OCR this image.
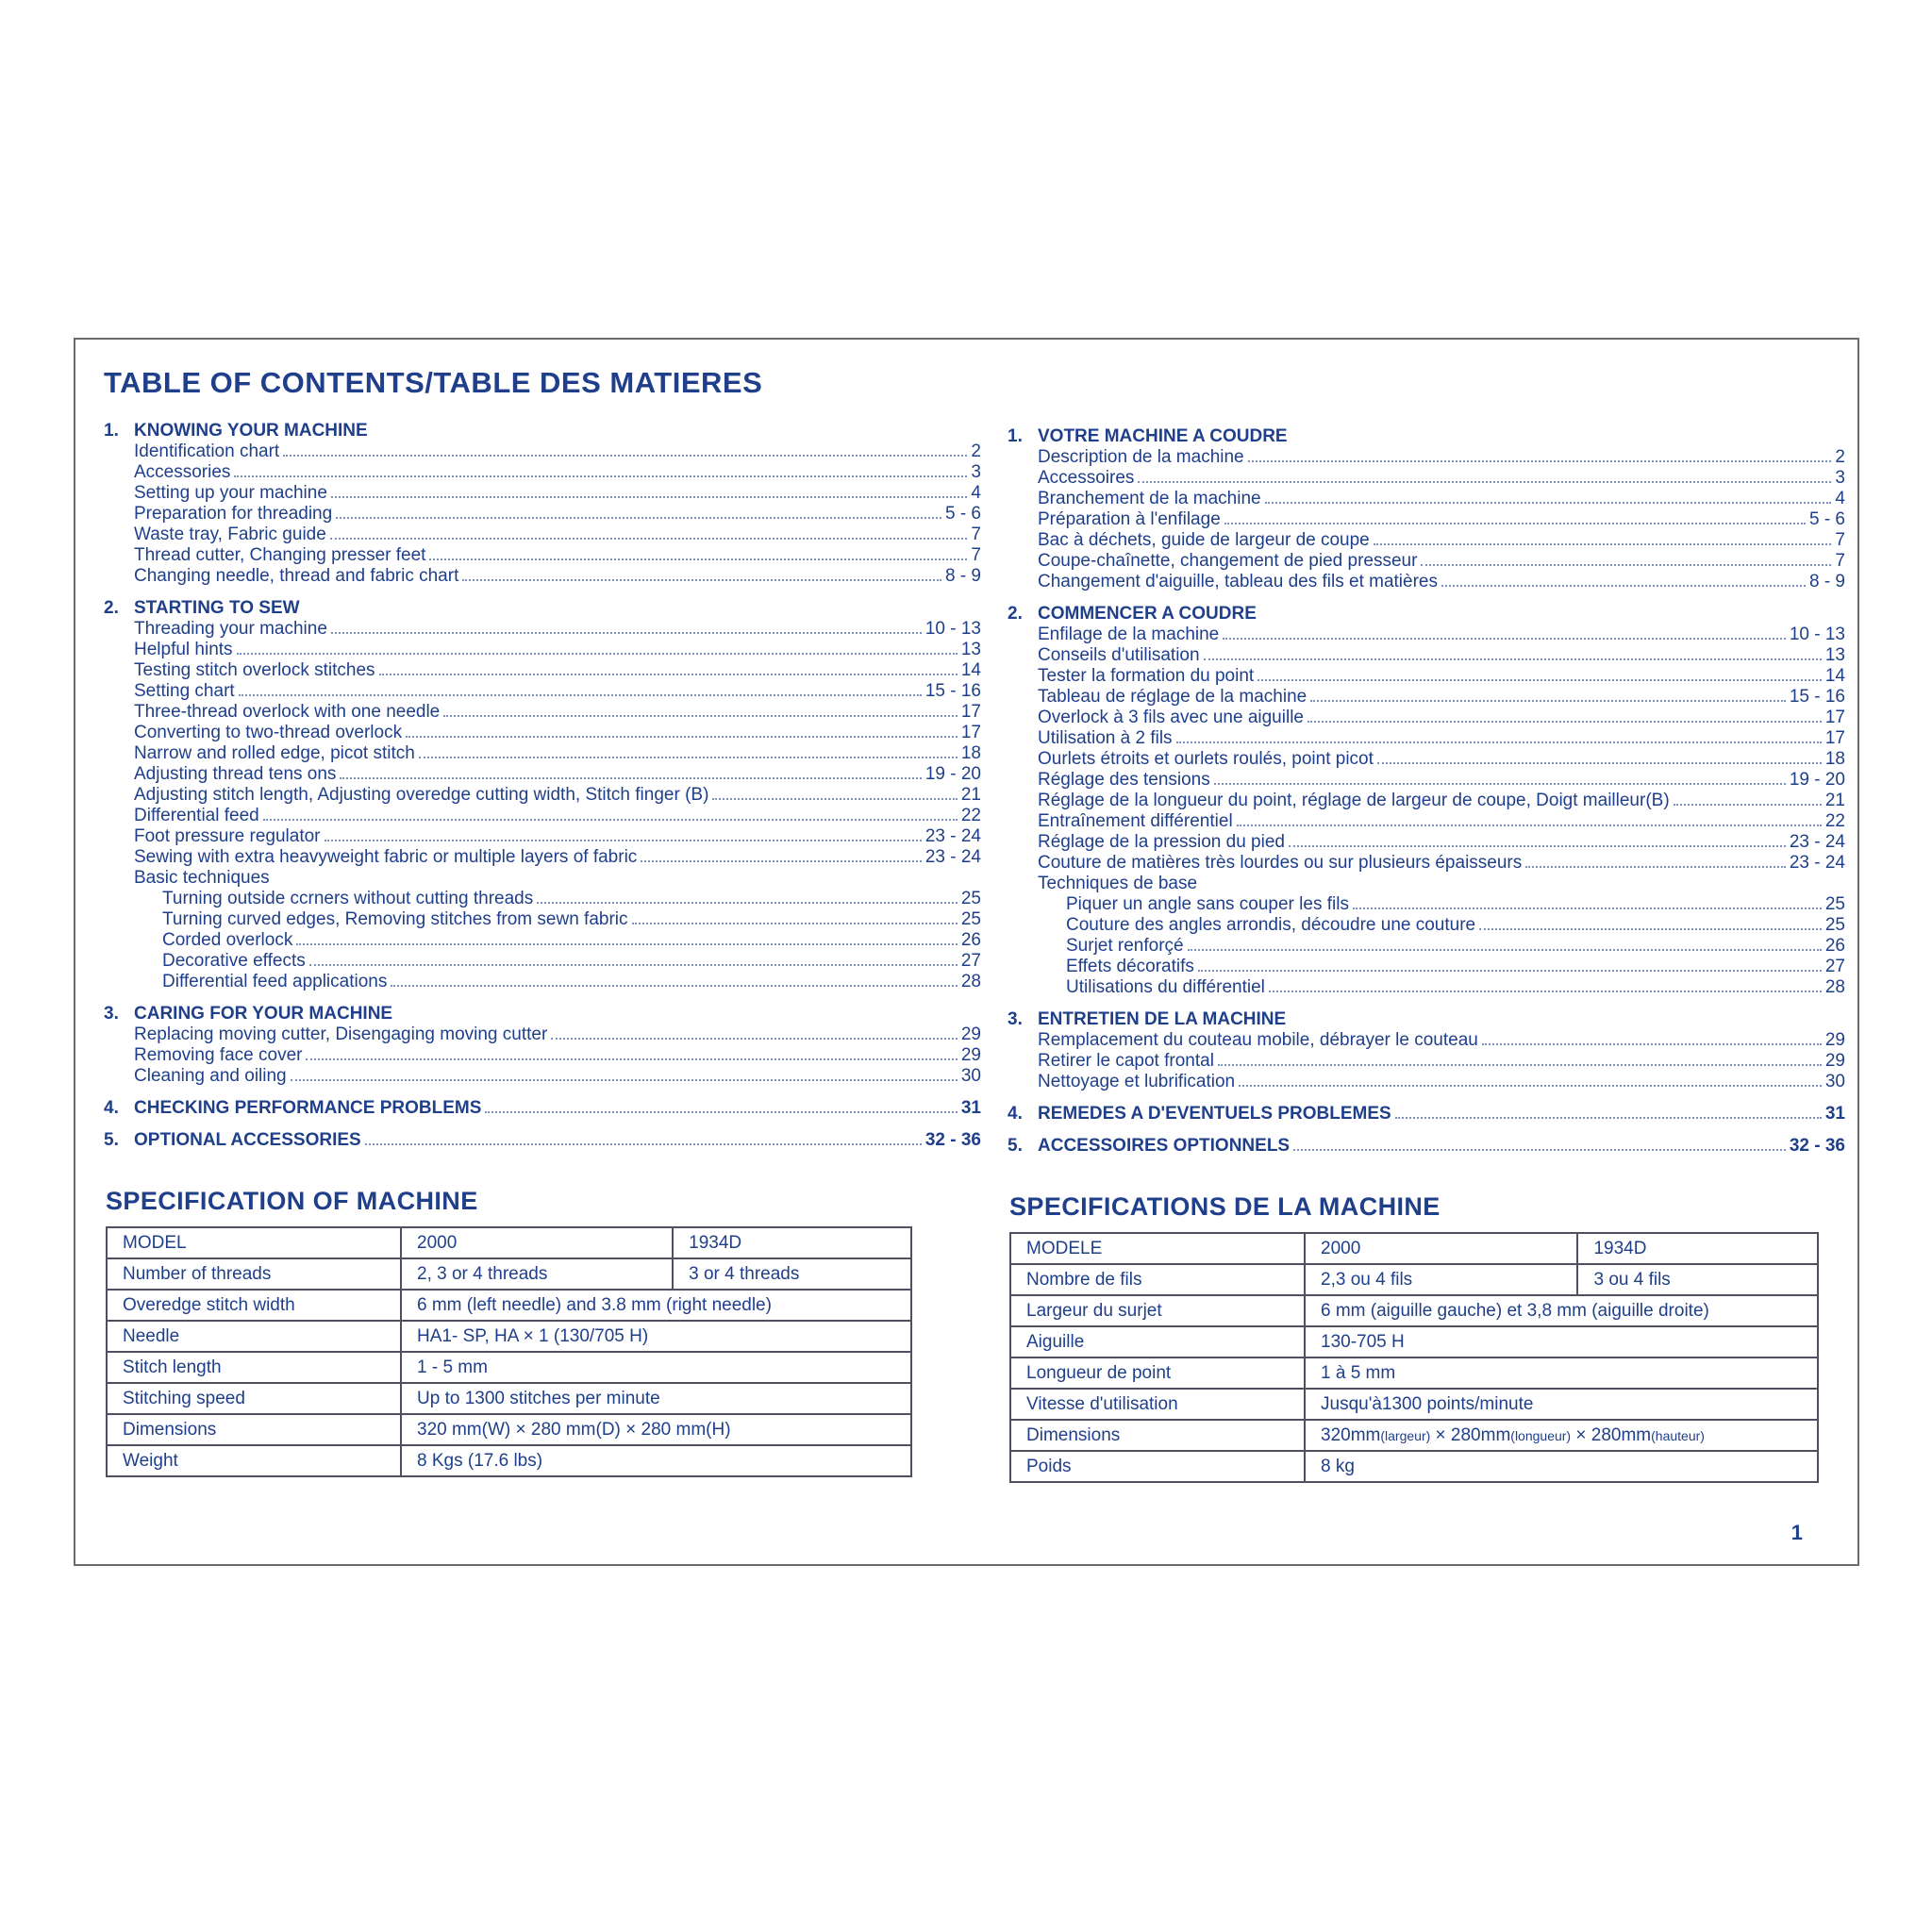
TABLE OF CONTENTS/TABLE DES MATIERES
1. KNOWING YOUR MACHINE
Identification chart	2
Accessories	3
Setting up your machine	4
Preparation for threading	5 - 6
Waste tray, Fabric guide	7
Thread cutter, Changing presser feet	7
Changing needle, thread and fabric chart	8 - 9
2. STARTING TO SEW
Threading your machine	10 - 13
Helpful hints	13
Testing stitch overlock stitches	14
Setting chart	15 - 16
Three-thread overlock with one needle	17
Converting to two-thread overlock	17
Narrow and rolled edge, picot stitch	18
Adjusting thread tens ons	19 - 20
Adjusting stitch length, Adjusting overedge cutting width, Stitch finger (B)	21
Differential feed	22
Foot pressure regulator	23 - 24
Sewing with extra heavyweight fabric or multiple layers of fabric	23 - 24
Basic techniques
Turning outside ccrners without cutting threads	25
Turning curved edges, Removing stitches from sewn fabric	25
Corded overlock	26
Decorative effects	27
Differential feed applications	28
3. CARING FOR YOUR MACHINE
Replacing moving cutter, Disengaging moving cutter	29
Removing face cover	29
Cleaning and oiling	30
4. CHECKING PERFORMANCE PROBLEMS	31
5. OPTIONAL ACCESSORIES	32 - 36
SPECIFICATION OF MACHINE
MODEL	2000	1934D
Number of threads	2, 3 or 4 threads	3 or 4 threads
Overedge stitch width	6 mm (left needle) and 3.8 mm (right needle)	
Needle	HA1- SP, HA × 1 (130/705 H)	
Stitch length	1 - 5 mm	
Stitching speed	Up to 1300 stitches per minute	
Dimensions	320 mm(W) × 280 mm(D) × 280 mm(H)	
Weight	8 Kgs (17.6 lbs)	
1. VOTRE MACHINE A COUDRE
Description de la machine	2
Accessoires	3
Branchement de la machine	4
Préparation à l'enfilage	5 - 6
Bac à déchets, guide de largeur de coupe	7
Coupe-chaînette, changement de pied presseur	7
Changement d'aiguille, tableau des fils et matières	8 - 9
2. COMMENCER A COUDRE
Enfilage de la machine	10 - 13
Conseils d'utilisation	13
Tester la formation du point	14
Tableau de réglage de la machine	15 - 16
Overlock à 3 fils avec une aiguille	17
Utilisation à 2 fils	17
Ourlets étroits et ourlets roulés, point picot	18
Réglage des tensions	19 - 20
Réglage de la longueur du point, réglage de largeur de coupe, Doigt mailleur(B)	21
Entraînement différentiel	22
Réglage de la pression du pied	23 - 24
Couture de matières très lourdes ou sur plusieurs épaisseurs	23 - 24
Techniques de base
Piquer un angle sans couper les fils	25
Couture des angles arrondis, découdre une couture	25
Surjet renforçé	26
Effets décoratifs	27
Utilisations du différentiel	28
3. ENTRETIEN DE LA MACHINE
Remplacement du couteau mobile, débrayer le couteau	29
Retirer le capot frontal	29
Nettoyage et lubrification	30
4. REMEDES A D'EVENTUELS PROBLEMES	31
5. ACCESSOIRES OPTIONNELS	32 - 36
SPECIFICATIONS DE LA MACHINE
MODELE	2000	1934D
Nombre de fils	2,3 ou 4 fils	3 ou 4 fils
Largeur du surjet	6 mm (aiguille gauche) et 3,8 mm (aiguille droite)	
Aiguille	130-705 H	
Longueur de point	1 à 5 mm	
Vitesse d'utilisation	Jusqu'à1300 points/minute	
Dimensions	320mm(largeur) × 280mm(longueur) × 280mm(hauteur)	
Poids	8 kg	
1
